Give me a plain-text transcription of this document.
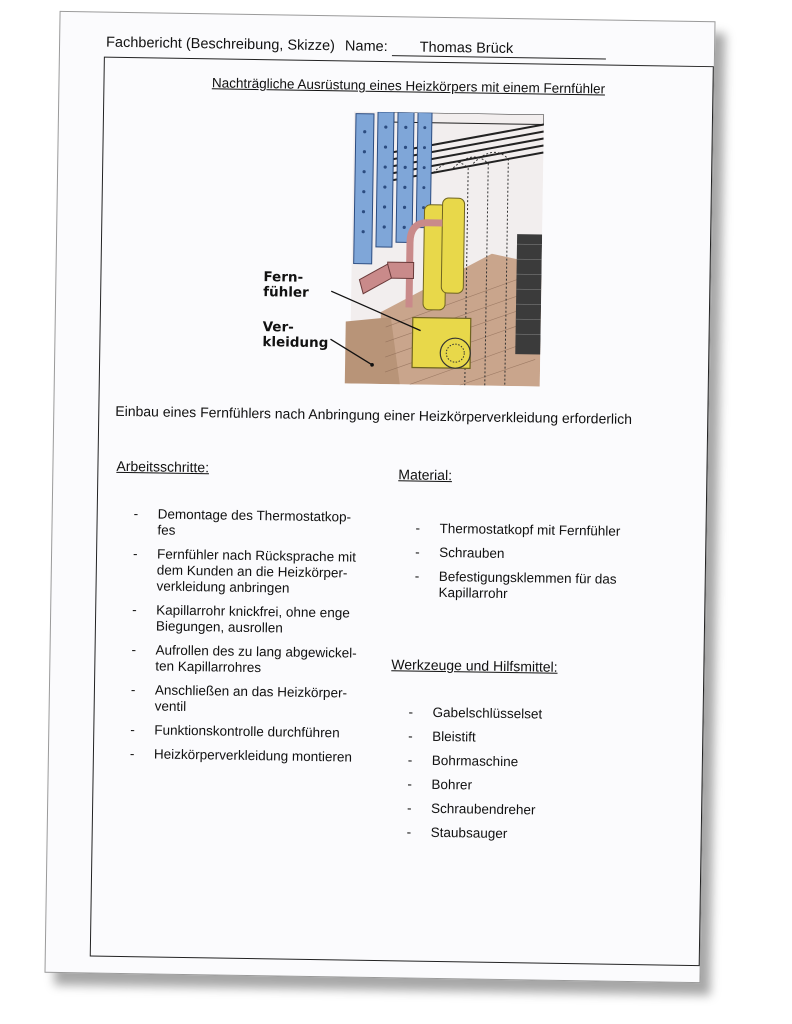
Fachbericht (Beschreibung, Skizze) Name: Thomas Brück
Nachträgliche Ausrüstung eines Heizkörpers mit einem Fernfühler
Fern-
fühler
Ver-
kleidung
Einbau eines Fernfühlers nach Anbringung einer Heizkörperverkleidung erforderlich
Arbeitsschritte:
- Demontage des Thermostatkop-
fes
- Fernfühler nach Rücksprache mit
dem Kunden an die Heizkörper-
verkleidung anbringen
- Kapillarrohr knickfrei, ohne enge
Biegungen, ausrollen
- Aufrollen des zu lang abgewickel-
ten Kapillarrohres
- Anschließen an das Heizkörper-
ventil
- Funktionskontrolle durchführen
- Heizkörperverkleidung montieren
Material:
- Thermostatkopf mit Fernfühler
- Schrauben
- Befestigungsklemmen für das
Kapillarrohr
Werkzeuge und Hilfsmittel:
- Gabelschlüsselset
- Bleistift
- Bohrmaschine
- Bohrer
- Schraubendreher
- Staubsauger
